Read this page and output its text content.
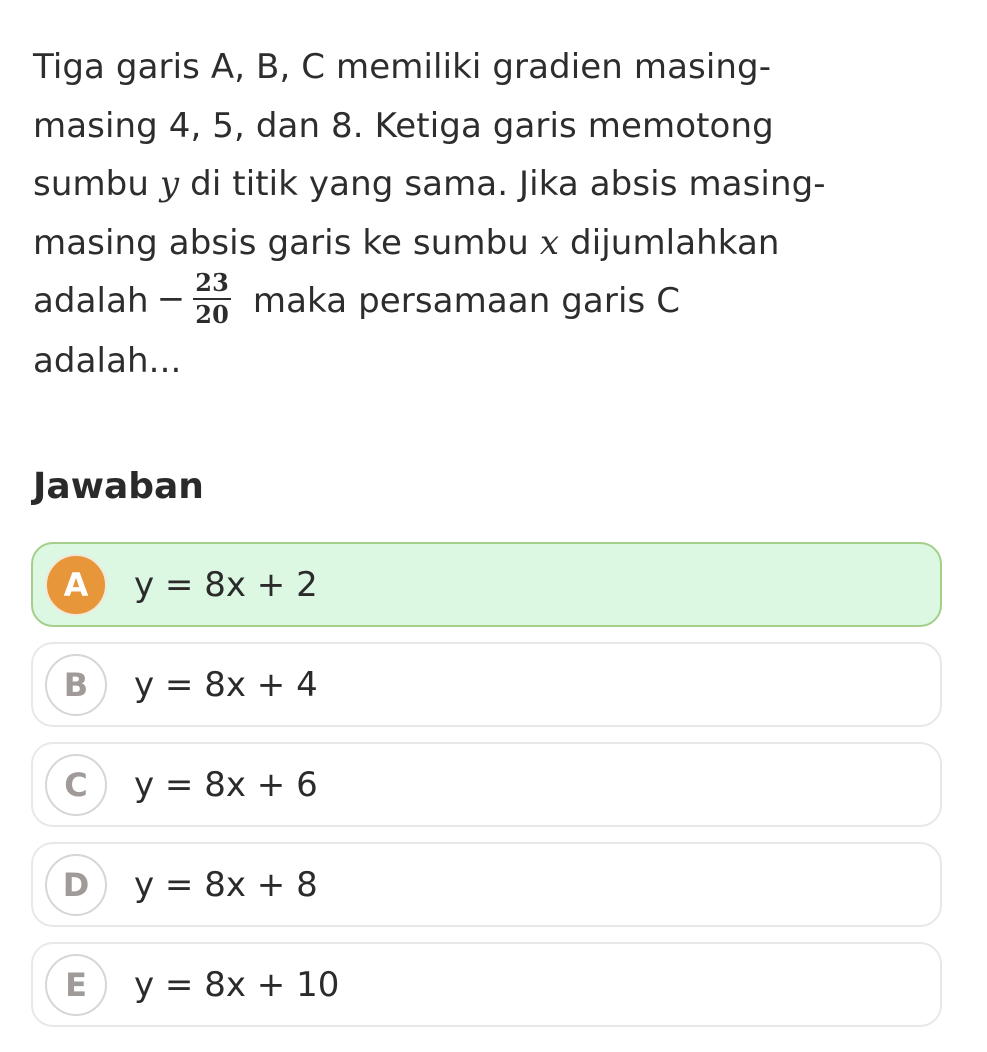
Tiga garis A, B, C memiliki gradien masing-
masing 4, 5, dan 8. Ketiga garis memotong
sumbu y di titik yang sama. Jika absis masing-
masing absis garis ke sumbu x dijumlahkan
adalah − $\frac{23}{20}$ maka persamaan garis C
adalah...
Jawaban
A	y = 8x + 2
B	y = 8x + 4
C	y = 8x + 6
D	y = 8x + 8
E	y = 8x + 10
